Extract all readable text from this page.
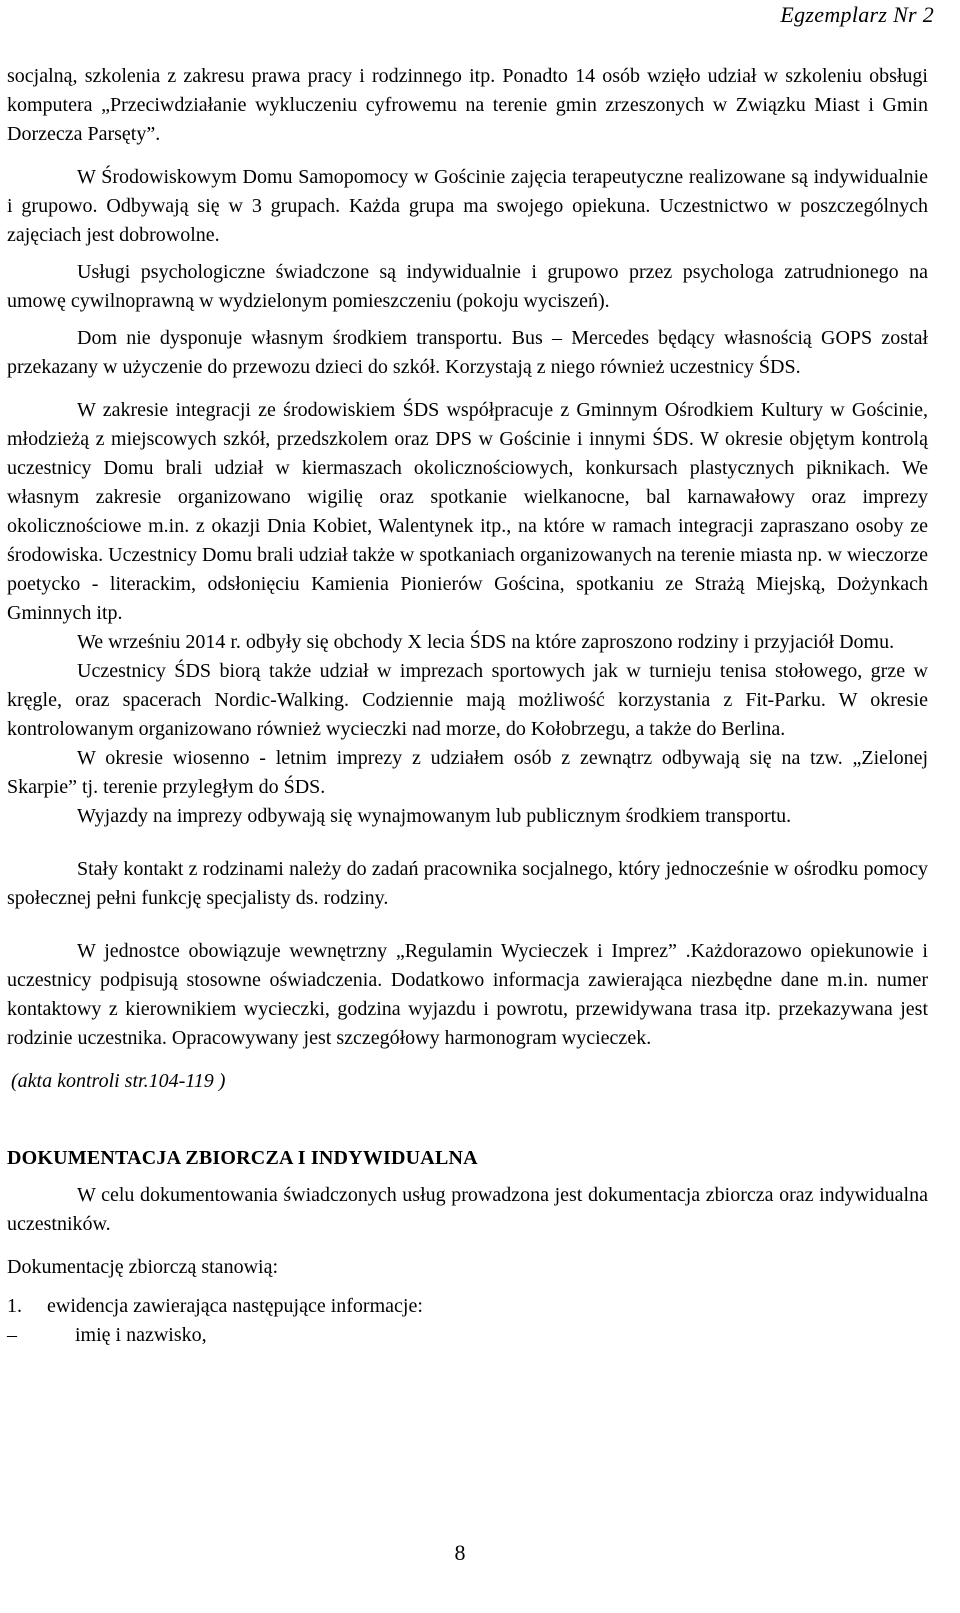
Egzemplarz Nr 2

socjalną, szkolenia z zakresu prawa pracy i rodzinnego itp. Ponadto 14 osób wzięło udział w szkoleniu obsługi komputera „Przeciwdziałanie wykluczeniu cyfrowemu na terenie gmin zrzeszonych w Związku Miast i Gmin Dorzecza Parsęty”.

W Środowiskowym Domu Samopomocy w Gościnie zajęcia terapeutyczne realizowane są indywidualnie i grupowo. Odbywają się w 3 grupach. Każda grupa ma swojego opiekuna. Uczestnictwo w poszczególnych zajęciach jest dobrowolne.

Usługi psychologiczne świadczone są indywidualnie i grupowo przez psychologa zatrudnionego na umowę cywilnoprawną w wydzielonym pomieszczeniu (pokoju wyciszeń).

Dom nie dysponuje własnym środkiem transportu. Bus – Mercedes będący własnością GOPS został przekazany w użyczenie do przewozu dzieci do szkół. Korzystają z niego również uczestnicy ŚDS.

W zakresie integracji ze środowiskiem ŚDS współpracuje z Gminnym Ośrodkiem Kultury w Gościnie, młodzieżą z miejscowych szkół, przedszkolem oraz DPS w Gościnie i innymi ŚDS. W okresie objętym kontrolą uczestnicy Domu brali udział w kiermaszach okolicznościowych, konkursach plastycznych piknikach. We własnym zakresie organizowano wigilię oraz spotkanie wielkanocne, bal karnawałowy oraz imprezy okolicznościowe m.in. z okazji Dnia Kobiet, Walentynek itp., na które w ramach integracji zapraszano osoby ze środowiska. Uczestnicy Domu brali udział także w spotkaniach organizowanych na terenie miasta np. w wieczorze poetycko - literackim, odsłonięciu Kamienia Pionierów Gościna, spotkaniu ze Strażą Miejską, Dożynkach Gminnych itp.

We wrześniu 2014 r. odbyły się obchody X lecia ŚDS na które zaproszono rodziny i przyjaciół Domu.

Uczestnicy ŚDS biorą także udział w imprezach sportowych jak w turnieju tenisa stołowego, grze w kręgle, oraz spacerach Nordic-Walking. Codziennie mają możliwość korzystania z Fit-Parku. W okresie kontrolowanym organizowano również wycieczki nad morze, do Kołobrzegu, a także do Berlina.

W okresie wiosenno - letnim imprezy z udziałem osób z zewnątrz odbywają się na tzw. „Zielonej Skarpie” tj. terenie przyległym do ŚDS.

Wyjazdy na imprezy odbywają się wynajmowanym lub publicznym środkiem transportu.

Stały kontakt z rodzinami należy do zadań pracownika socjalnego, który jednocześnie w ośrodku pomocy społecznej pełni funkcję specjalisty ds. rodziny.

W jednostce obowiązuje wewnętrzny „Regulamin Wycieczek i Imprez” .Każdorazowo opiekunowie i uczestnicy podpisują stosowne oświadczenia. Dodatkowo informacja zawierająca niezbędne dane m.in. numer kontaktowy z kierownikiem wycieczki, godzina wyjazdu i powrotu, przewidywana trasa itp. przekazywana jest rodzinie uczestnika. Opracowywany jest szczegółowy harmonogram wycieczek.

(akta kontroli str.104-119 )

DOKUMENTACJA ZBIORCZA I INDYWIDUALNA

W celu dokumentowania świadczonych usług prowadzona jest dokumentacja zbiorcza oraz indywidualna uczestników.

Dokumentację zbiorczą stanowią:

1.	ewidencja zawierająca następujące informacje:
–	imię i nazwisko,
8
